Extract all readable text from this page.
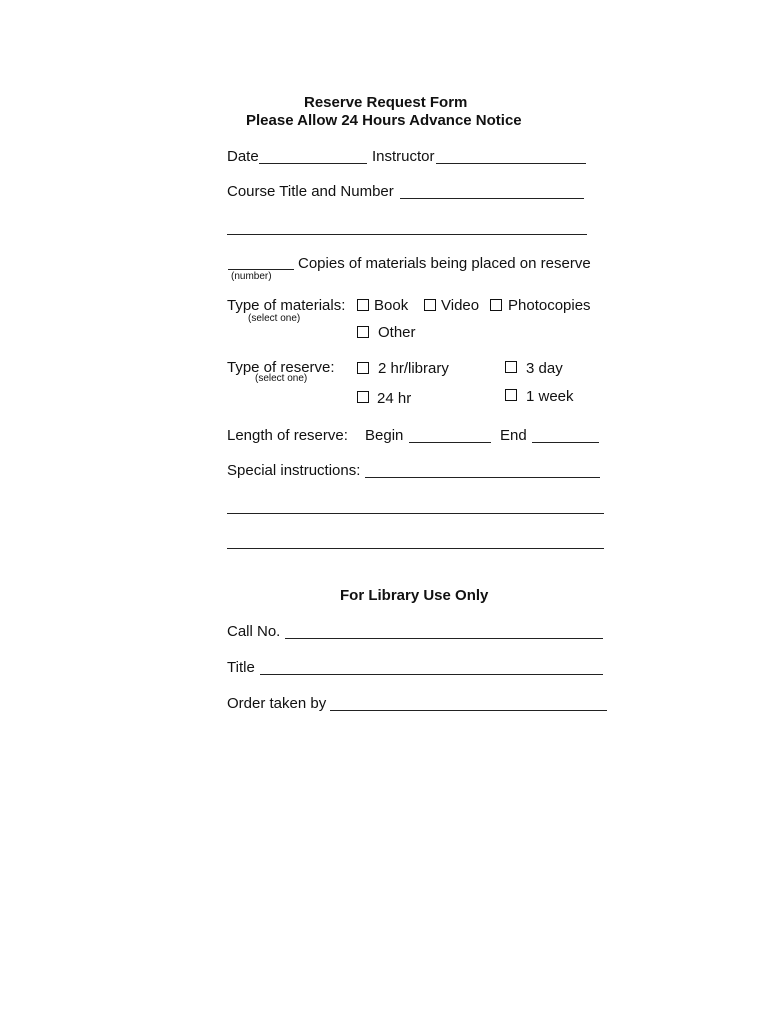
Reserve Request Form
Please Allow 24 Hours Advance Notice
Date	Instructor
Course Title and Number
Copies of materials being placed on reserve
(number)
Type of materials:
(select one)
Book Video Photocopies
Other
Type of reserve:
(select one)
2 hr/library	3 day
24 hr	1 week
Length of reserve: Begin	End
Special instructions:
For Library Use Only
Call No.
Title
Order taken by
